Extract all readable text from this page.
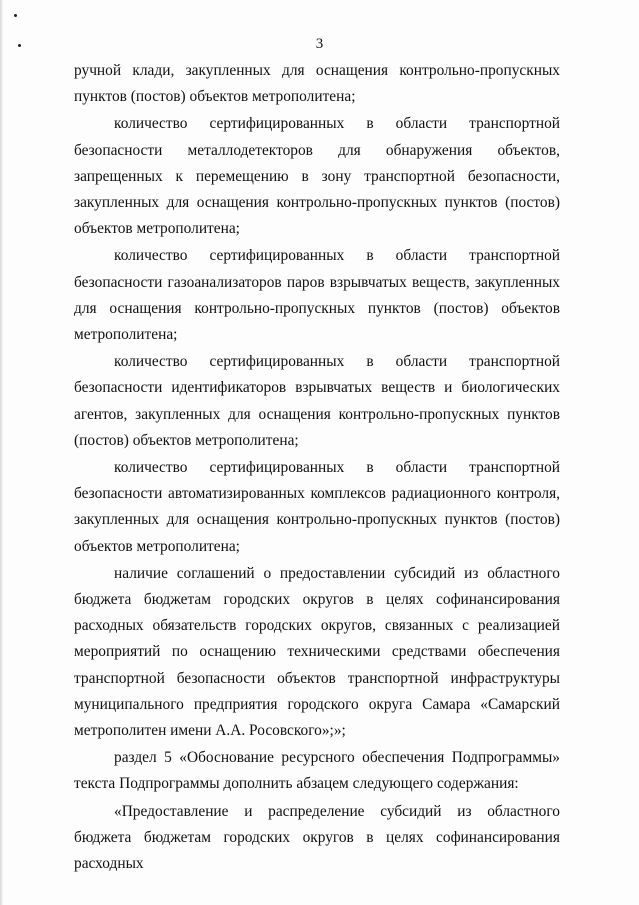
3

ручной клади, закупленных для оснащения контрольно-пропускных пунктов (постов) объектов метрополитена;

количество сертифицированных в области транспортной безопасности металлодетекторов для обнаружения объектов, запрещенных к перемещению в зону транспортной безопасности, закупленных для оснащения контрольно-пропускных пунктов (постов) объектов метрополитена;

количество сертифицированных в области транспортной безопасности газоанализаторов паров взрывчатых веществ, закупленных для оснащения контрольно-пропускных пунктов (постов) объектов метрополитена;

количество сертифицированных в области транспортной безопасности идентификаторов взрывчатых веществ и биологических агентов, закупленных для оснащения контрольно-пропускных пунктов (постов) объектов метрополитена;

количество сертифицированных в области транспортной безопасности автоматизированных комплексов радиационного контроля, закупленных для оснащения контрольно-пропускных пунктов (постов) объектов метрополитена;

наличие соглашений о предоставлении субсидий из областного бюджета бюджетам городских округов в целях софинансирования расходных обязательств городских округов, связанных с реализацией мероприятий по оснащению техническими средствами обеспечения транспортной безопасности объектов транспортной инфраструктуры муниципального предприятия городского округа Самара «Самарский метрополитен имени А.А. Росовского»;»;

раздел 5 «Обоснование ресурсного обеспечения Подпрограммы» текста Подпрограммы дополнить абзацем следующего содержания:

«Предоставление и распределение субсидий из областного бюджета бюджетам городских округов в целях софинансирования расходных
